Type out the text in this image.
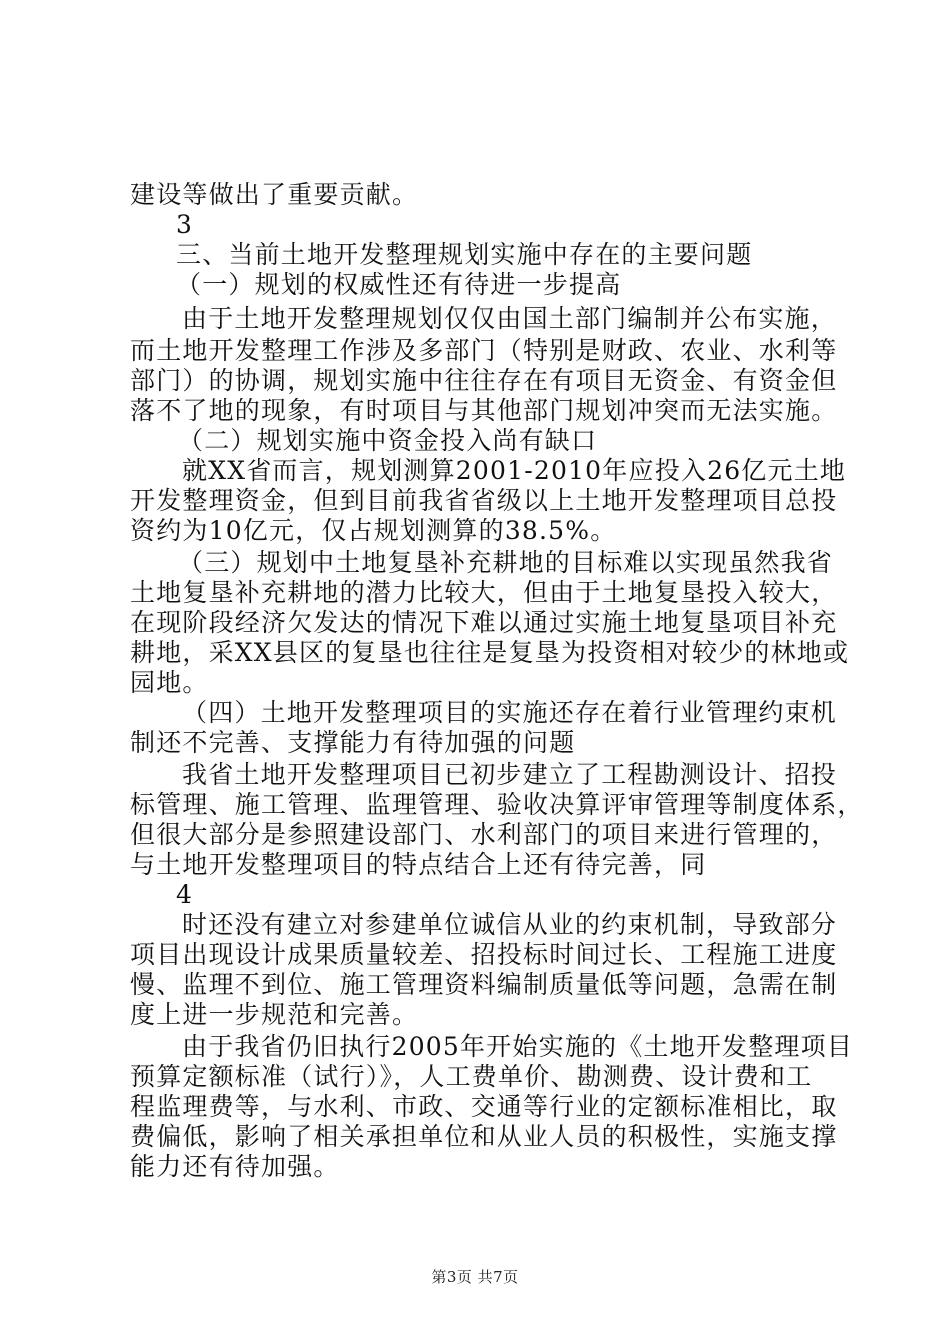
建设等做出了重要贡献。
3
三、当前土地开发整理规划实施中存在的主要问题
（一）规划的权威性还有待进一步提高
由于土地开发整理规划仅仅由国土部门编制并公布实施，
而土地开发整理工作涉及多部门（特别是财政、农业、水利等
部门）的协调，规划实施中往往存在有项目无资金、有资金但
落不了地的现象，有时项目与其他部门规划冲突而无法实施。
（二）规划实施中资金投入尚有缺口
就XX省而言，规划测算2001-2010年应投入26亿元土地
开发整理资金，但到目前我省省级以上土地开发整理项目总投
资约为10亿元，仅占规划测算的38.5%。
（三）规划中土地复垦补充耕地的目标难以实现虽然我省
土地复垦补充耕地的潜力比较大，但由于土地复垦投入较大，
在现阶段经济欠发达的情况下难以通过实施土地复垦项目补充
耕地，采XX县区的复垦也往往是复垦为投资相对较少的林地或
园地。
（四）土地开发整理项目的实施还存在着行业管理约束机
制还不完善、支撑能力有待加强的问题
我省土地开发整理项目已初步建立了工程勘测设计、招投
标管理、施工管理、监理管理、验收决算评审管理等制度体系，
但很大部分是参照建设部门、水利部门的项目来进行管理的，
与土地开发整理项目的特点结合上还有待完善，同
4
时还没有建立对参建单位诚信从业的约束机制，导致部分
项目出现设计成果质量较差、招投标时间过长、工程施工进度
慢、监理不到位、施工管理资料编制质量低等问题，急需在制
度上进一步规范和完善。
由于我省仍旧执行2005年开始实施的《土地开发整理项目
预算定额标准（试行）》，人工费单价、勘测费、设计费和工
程监理费等，与水利、市政、交通等行业的定额标准相比，取
费偏低，影响了相关承担单位和从业人员的积极性，实施支撑
能力还有待加强。
第3页 共7页
